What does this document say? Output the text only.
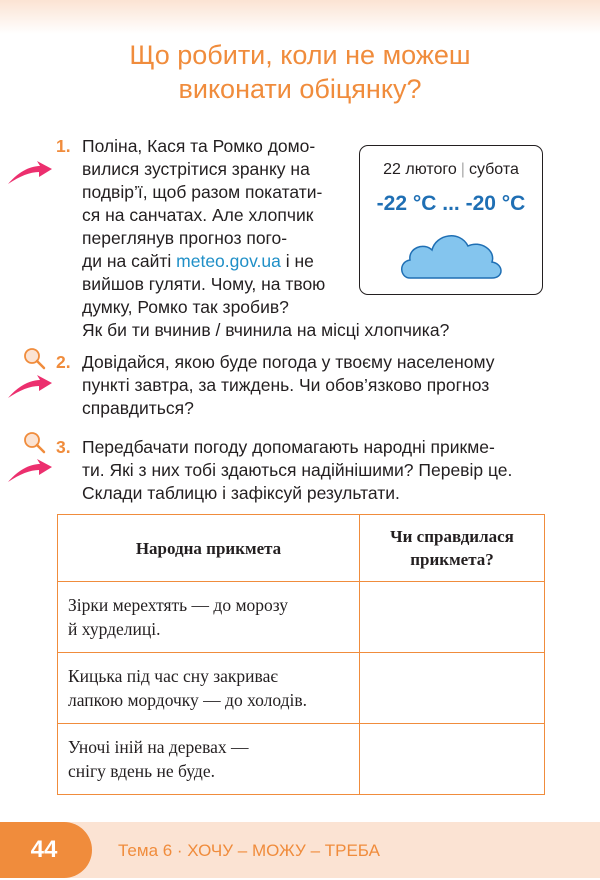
Що робити, коли не можеш
виконати обіцянку?
1. Поліна, Кася та Ромко домо-
вилися зустрітися зранку на
подвір’ї, щоб разом покатати-
ся на санчатах. Але хлопчик
переглянув прогноз пого-
ди на сайті meteo.gov.ua і не
вийшов гуляти. Чому, на твою
думку, Ромко так зробив?
Як би ти вчинив / вчинила на місці хлопчика?
22 лютого | субота
-22 °C ... -20 °C
2. Довідайся, якою буде погода у твоєму населеному
пункті завтра, за тиждень. Чи обов’язково прогноз
справдиться?
3. Передбачати погоду допомагають народні прикме-
ти. Які з них тобі здаються надійнішими? Перевір це.
Склади таблицю і зафіксуй результати.
Народна прикмета	Чи справдилася прикмета?

Зірки мерехтять — до морозу
й хурделиці.	

Кицька під час сну закриває
лапкою мордочку — до холодів.	

Уночі іній на деревах —
снігу вдень не буде.	

44	Тема 6 · ХОЧУ – МОЖУ – ТРЕБА
